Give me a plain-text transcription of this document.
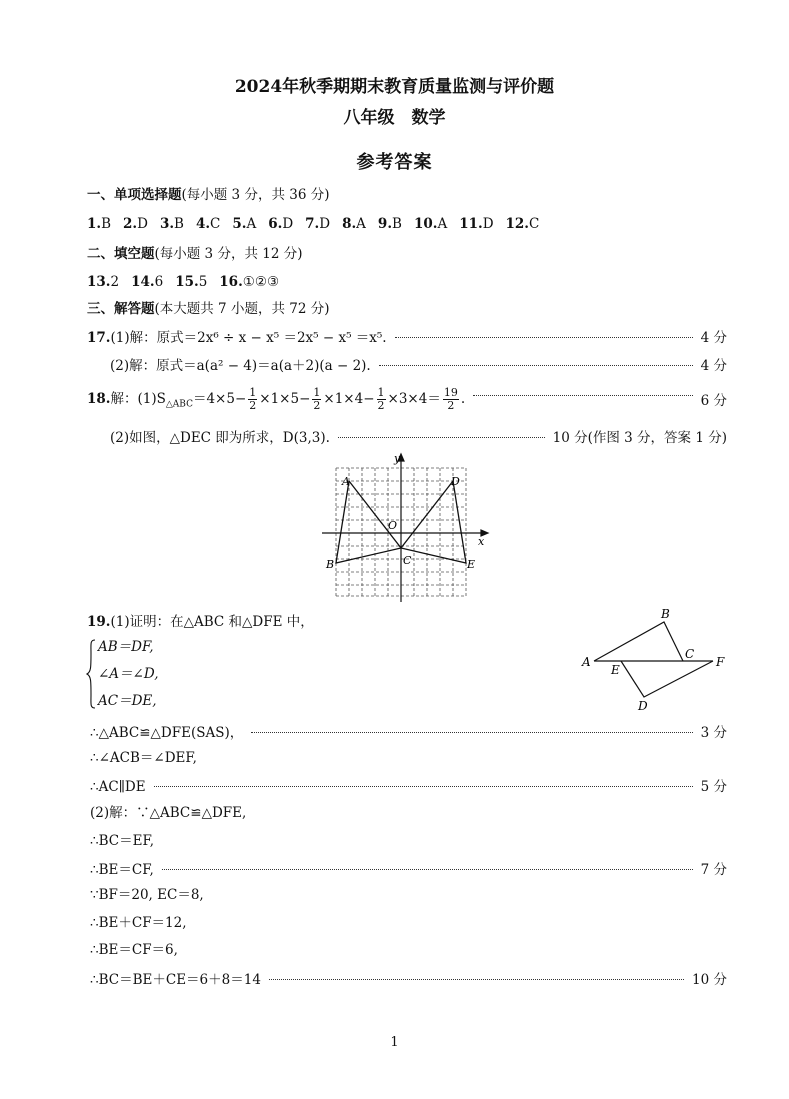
2024年秋季期期末教育质量监测与评价题
八年级　数学
参考答案
一、单项选择题(每小题 3 分，共 36 分)
1.B 2.D 3.B 4.C 5.A 6.D 7.D 8.A 9.B 10.A 11.D 12.C
二、填空题(每小题 3 分，共 12 分)
13.2 14.6 15.5 16.①②③
三、解答题(本大题共 7 小题，共 72 分)
17.(1)解：原式＝2x⁶ ÷ x − x⁵ ＝2x⁵ − x⁵ ＝x⁵.	4 分
(2)解：原式＝a(a² − 4)＝a(a＋2)(a − 2).	4 分
18.解：$(1)S_{\triangle ABC}=4\times 5- \frac{1}{2} \times 1\times 5- \frac{1}{2} \times 1\times 4- \frac{1}{2} \times 3\times 4= \frac{19}{2}$ .	6 分
(2)如图，△DEC 即为所求，D(3,3).	10 分(作图 3 分，答案 1 分)
y
x
O
A	D
B	C	E
19.(1)证明：在△ABC 和△DFE 中，
AB＝DF,
∠A＝∠D,
AC＝DE,
A
B
C
E
F
D
∴△ABC≌△DFE(SAS)，	3 分
∴∠ACB＝∠DEF,
∴AC∥DE	5 分
(2)解：∵△ABC≌△DFE,
∴BC＝EF,
∴BE＝CF,	7 分
∵BF＝20, EC＝8,
∴BE＋CF＝12,
∴BE＝CF＝6,
∴BC＝BE＋CE＝6＋8＝14	10 分
1
